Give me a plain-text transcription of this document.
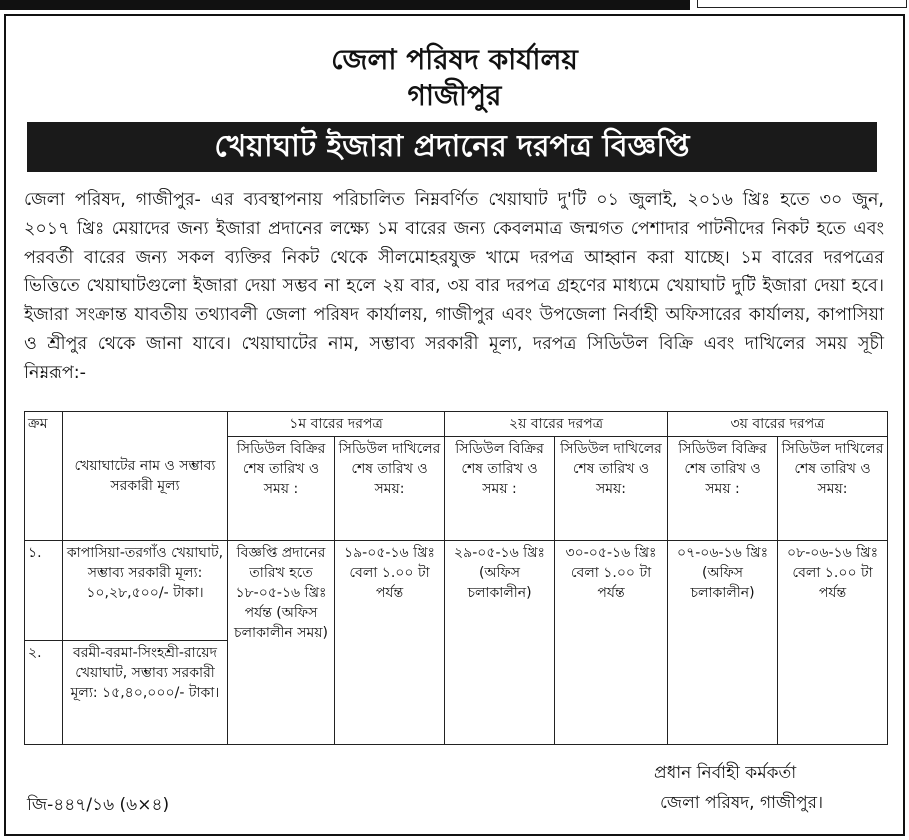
জেলা পরিষদ কার্যালয়
গাজীপুর
খেয়াঘাট ইজারা প্রদানের দরপত্র বিজ্ঞপ্তি
জেলা পরিষদ, গাজীপুর- এর ব্যবস্থাপনায় পরিচালিত নিম্নবর্ণিত খেয়াঘাট দু'টি ০১ জুলাই, ২০১৬ খ্রিঃ হতে ৩০ জুন, ২০১৭ খ্রিঃ মেয়াদের জন্য ইজারা প্রদানের লক্ষ্যে ১ম বারের জন্য কেবলমাত্র জন্মগত পেশাদার পাটনীদের নিকট হতে এবং পরবর্তী বারের জন্য সকল ব্যক্তির নিকট থেকে সীলমোহরযুক্ত খামে দরপত্র আহ্বান করা যাচ্ছে। ১ম বারের দরপত্রের ভিত্তিতে খেয়াঘাটগুলো ইজারা দেয়া সম্ভব না হলে ২য় বার, ৩য় বার দরপত্র গ্রহণের মাধ্যমে খেয়াঘাট দুটি ইজারা দেয়া হবে। ইজারা সংক্রান্ত যাবতীয় তথ্যাবলী জেলা পরিষদ কার্যালয়, গাজীপুর এবং উপজেলা নির্বাহী অফিসারের কার্যালয়, কাপাসিয়া ও শ্রীপুর থেকে জানা যাবে। খেয়াঘাটের নাম, সম্ভাব্য সরকারী মূল্য, দরপত্র সিডিউল বিক্রি এবং দাখিলের সময় সূচী নিম্নরূপ:-
ক্রম	খেয়াঘাটের নাম ও সম্ভাব্য সরকারী মূল্য	১ম বারের দরপত্র		২য় বারের দরপত্র		৩য় বারের দরপত্র	
		সিডিউল বিক্রির শেষ তারিখ ও সময় :	সিডিউল দাখিলের শেষ তারিখ ও সময়:	সিডিউল বিক্রির শেষ তারিখ ও সময় :	সিডিউল দাখিলের শেষ তারিখ ও সময়:	সিডিউল বিক্রির শেষ তারিখ ও সময় :	সিডিউল দাখিলের শেষ তারিখ ও সময়:
১.	কাপাসিয়া-তরগাঁও খেয়াঘাট, সম্ভাব্য সরকারী মূল্য: ১০,২৮,৫০০/- টাকা।	বিজ্ঞপ্তি প্রদানের তারিখ হতে ১৮-০৫-১৬ খ্রিঃ পর্যন্ত (অফিস চলাকালীন সময়)	১৯-০৫-১৬ খ্রিঃ বেলা ১.০০ টা পর্যন্ত	২৯-০৫-১৬ খ্রিঃ (অফিস চলাকালীন)	৩০-০৫-১৬ খ্রিঃ বেলা ১.০০ টা পর্যন্ত	০৭-০৬-১৬ খ্রিঃ (অফিস চলাকালীন)	০৮-০৬-১৬ খ্রিঃ বেলা ১.০০ টা পর্যন্ত
২.	বরমী-বরমা-সিংহশ্রী-রায়েদ খেয়াঘাট, সম্ভাব্য সরকারী মূল্য: ১৫,৪০,০০০/- টাকা।						
জি-৪৪৭/১৬ (৬×৪)
প্রধান নির্বাহী কর্মকর্তা
জেলা পরিষদ, গাজীপুর।
